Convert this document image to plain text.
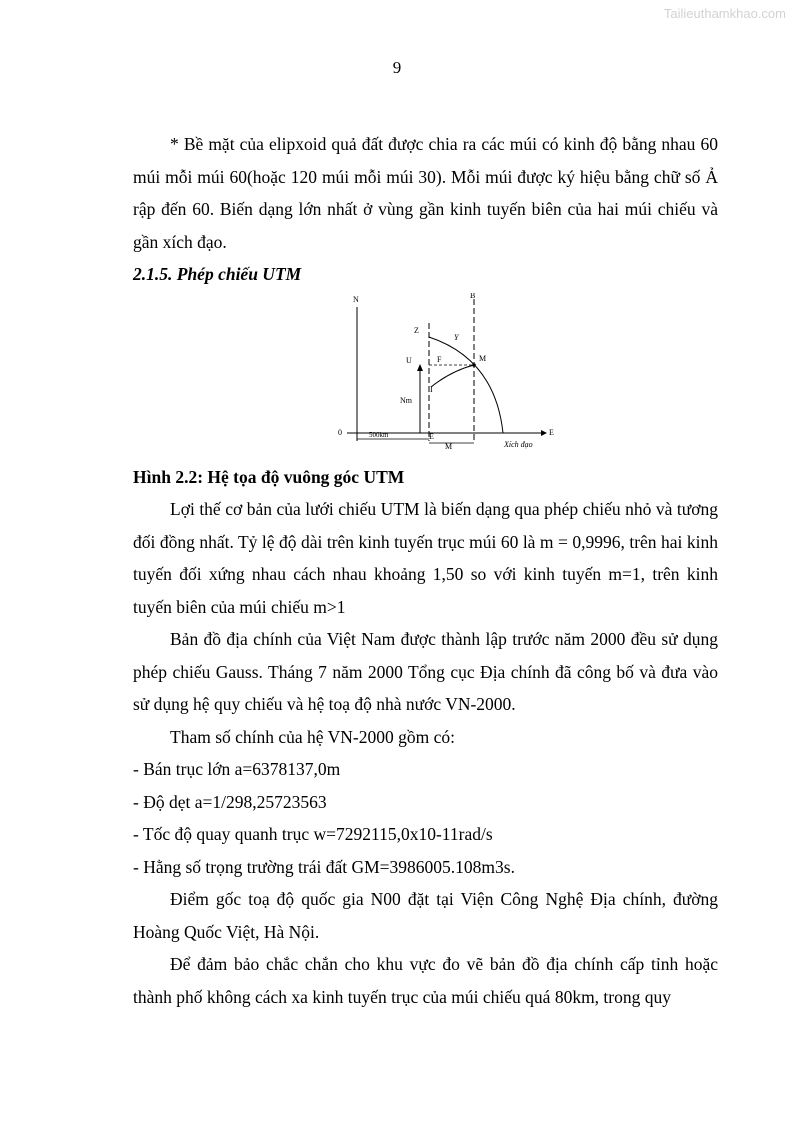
Tailieuthamkhao.com
9

* Bề mặt của elipxoid quả đất được chia ra các múi có kinh độ bằng nhau 60 múi mỗi múi 60(hoặc 120 múi mỗi múi 30). Mỗi múi được ký hiệu bằng chữ số Ả rập đến 60. Biến dạng lớn nhất ở vùng gần kinh tuyến biên của hai múi chiếu và gần xích đạo.

2.1.5. Phép chiếu UTM

N
E
0
B
Z
Y
M
F
U
I
Nm
500km	E
M	Xích đạo

Hình 2.2: Hệ tọa độ vuông góc UTM

Lợi thế cơ bản của lưới chiếu UTM là biến dạng qua phép chiếu nhỏ và tương đối đồng nhất. Tỷ lệ độ dài trên kinh tuyến trục múi 60 là m = 0,9996, trên hai kinh tuyến đối xứng nhau cách nhau khoảng 1,50 so với kinh tuyến m=1, trên kinh tuyến biên của múi chiếu m>1

Bản đồ địa chính của Việt Nam được thành lập trước năm 2000 đều sử dụng phép chiếu Gauss. Tháng 7 năm 2000 Tổng cục Địa chính đã công bố và đưa vào sử dụng hệ quy chiếu và hệ toạ độ nhà nước VN-2000.

Tham số chính của hệ VN-2000 gồm có:

- Bán trục lớn a=6378137,0m

- Độ dẹt a=1/298,25723563

- Tốc độ quay quanh trục w=7292115,0x10-11rad/s

- Hằng số trọng trường trái đất GM=3986005.108m3s.

Điểm gốc toạ độ quốc gia N00 đặt tại Viện Công Nghệ Địa chính, đường Hoàng Quốc Việt, Hà Nội.

Để đảm bảo chắc chắn cho khu vực đo vẽ bản đồ địa chính cấp tỉnh hoặc thành phố không cách xa kinh tuyến trục của múi chiếu quá 80km, trong quy
